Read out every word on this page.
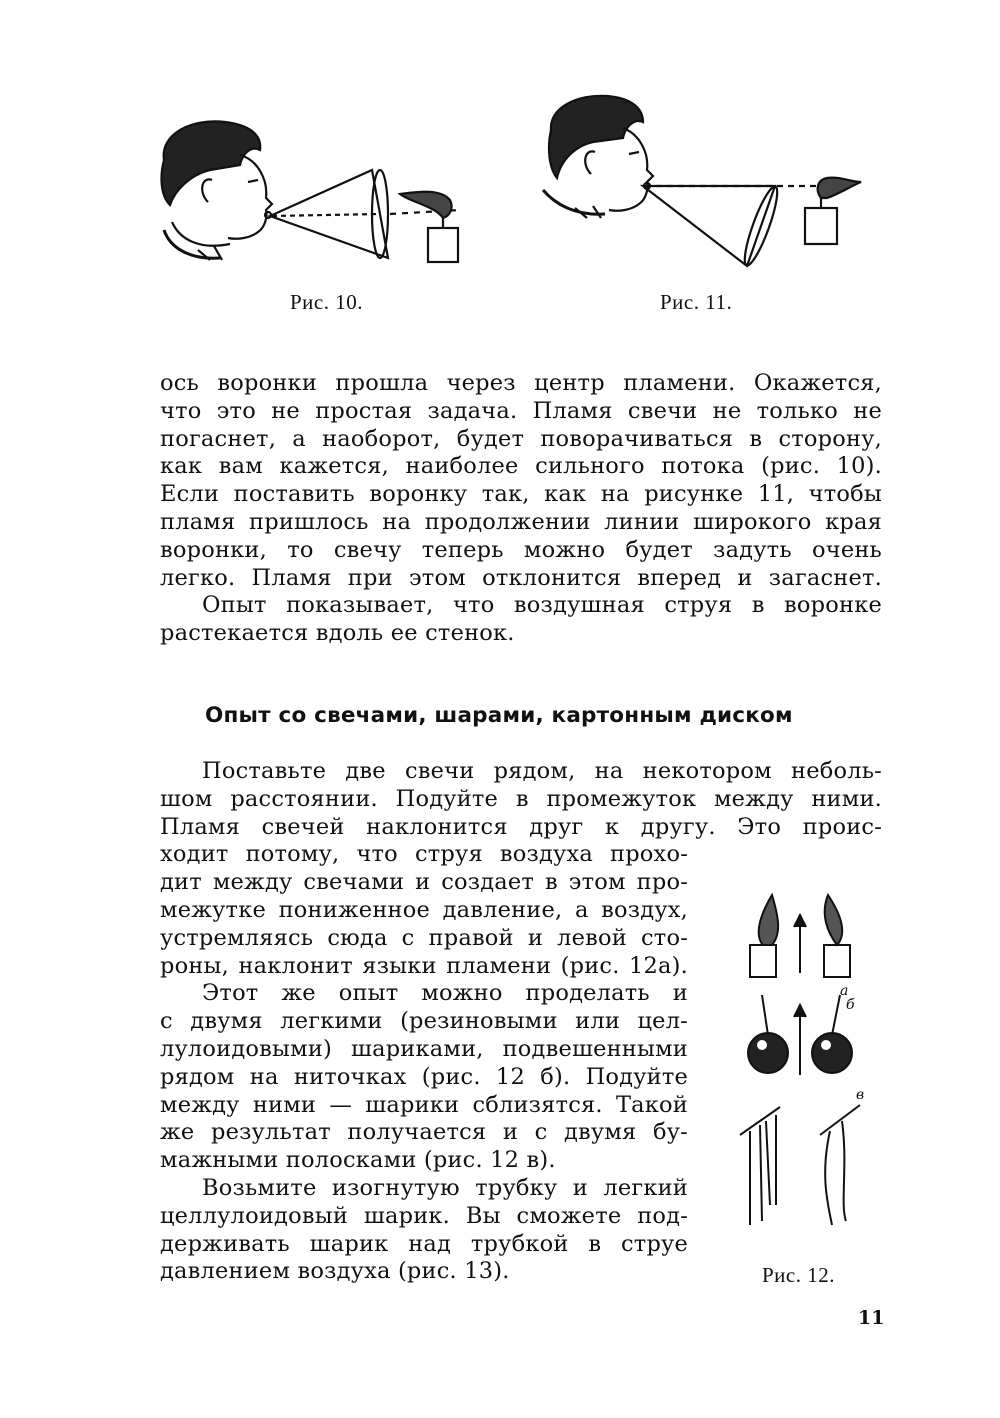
Рис. 10.	Рис. 11.
ось воронки прошла через центр пламени. Окажется,
что это не простая задача. Пламя свечи не только не
погаснет, а наоборот, будет поворачиваться в сторону,
как вам кажется, наиболее сильного потока (рис. 10).
Если поставить воронку так, как на рисунке 11, чтобы
пламя пришлось на продолжении линии широкого края
воронки, то свечу теперь можно будет задуть очень
легко. Пламя при этом отклонится вперед и загаснет.
Опыт показывает, что воздушная струя в воронке
растекается вдоль ее стенок.
Опыт со свечами, шарами, картонным диском
Поставьте две свечи рядом, на некотором неболь-
шом расстоянии. Подуйте в промежуток между ними.
Пламя свечей наклонится друг к другу. Это проис-
ходит потому, что струя воздуха прохо-
дит между свечами и создает в этом про-
межутке пониженное давление, а воздух,
устремляясь сюда с правой и левой сто-
роны, наклонит языки пламени (рис. 12а).
Этот же опыт можно проделать и
с двумя легкими (резиновыми или цел-
лулоидовыми) шариками, подвешенными
рядом на ниточках (рис. 12 б). Подуйте
между ними — шарики сблизятся. Такой
же результат получается и с двумя бу-
мажными полосками (рис. 12 в).
Возьмите изогнутую трубку и легкий
целлулоидовый шарик. Вы сможете под-
держивать шарик над трубкой в струе
давлением воздуха (рис. 13).
а
б
в
Рис. 12.
11
